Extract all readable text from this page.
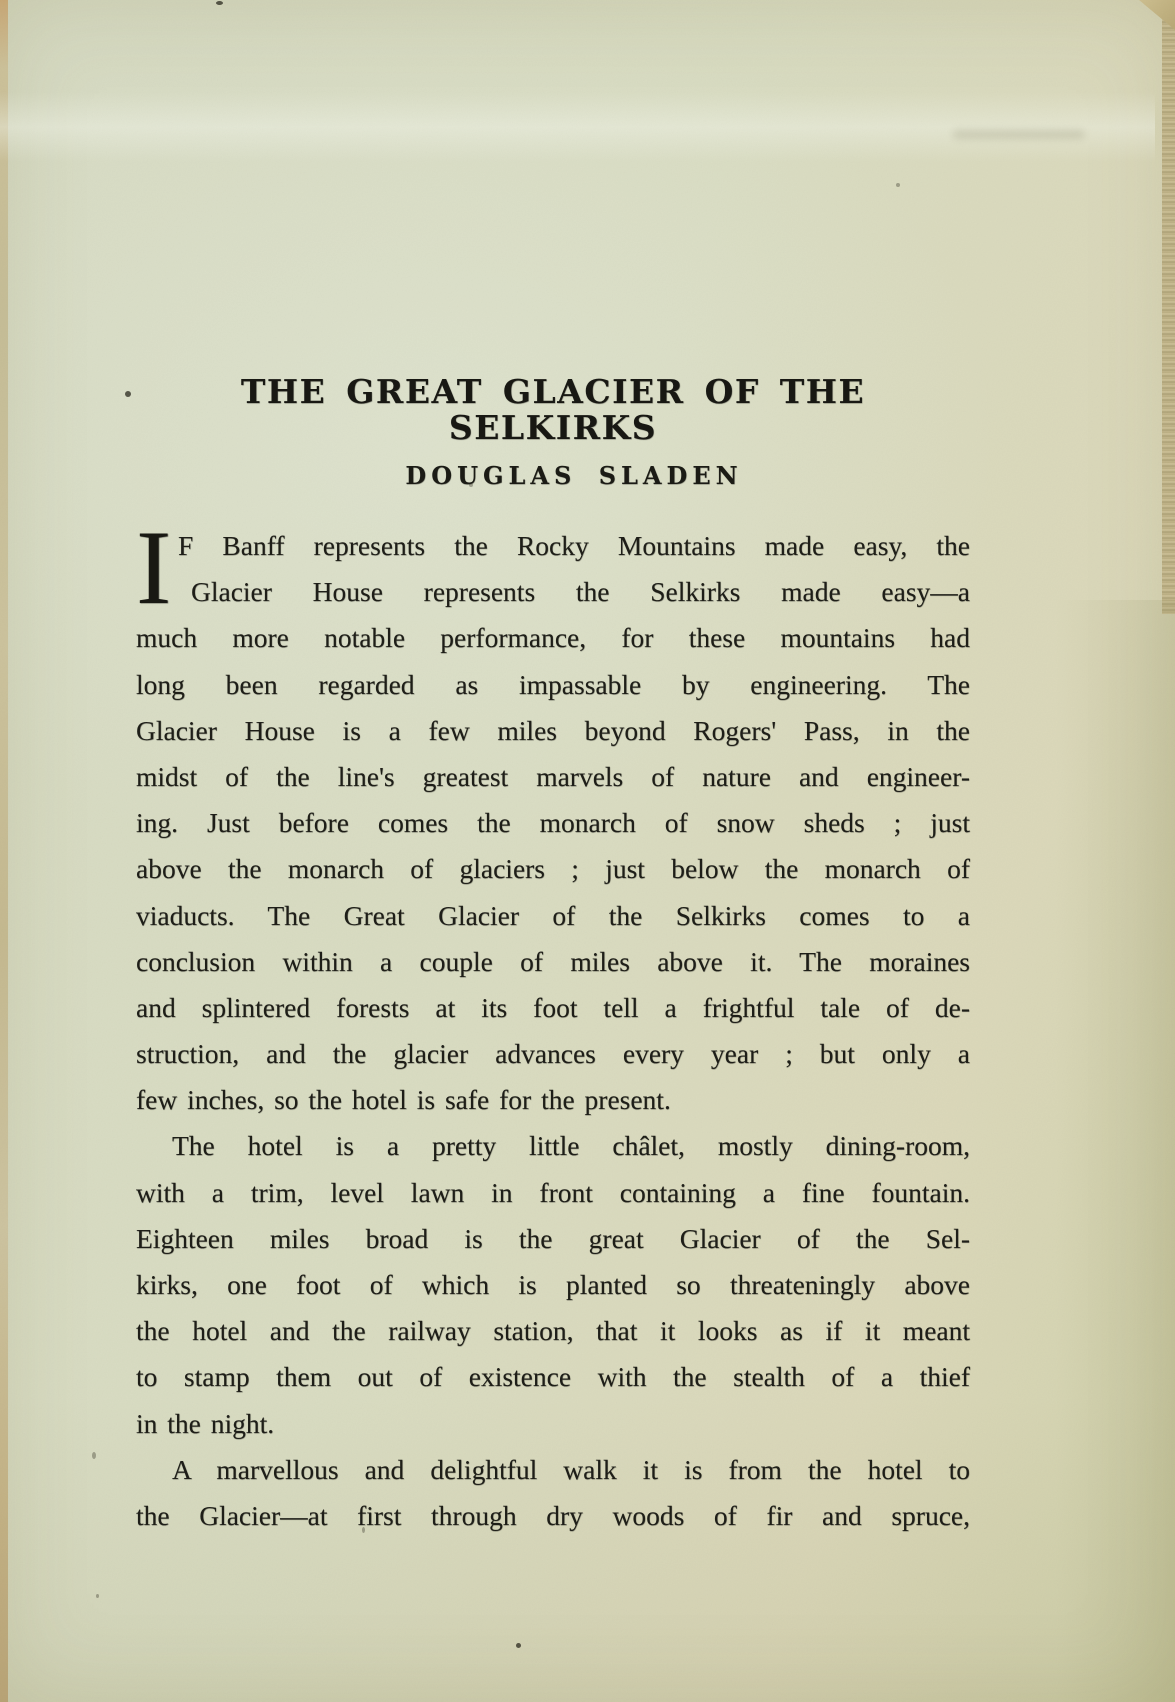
THE GREAT GLACIER OF THE SELKIRKS
DOUGLAS SLADEN
I F Banff represents the Rocky Mountains made easy, the
Glacier House represents the Selkirks made easy—a
much more notable performance, for these mountains had
long been regarded as impassable by engineering. The
Glacier House is a few miles beyond Rogers' Pass, in the
midst of the line's greatest marvels of nature and engineer-
ing. Just before comes the monarch of snow sheds ; just
above the monarch of glaciers ; just below the monarch of
viaducts. The Great Glacier of the Selkirks comes to a
conclusion within a couple of miles above it. The moraines
and splintered forests at its foot tell a frightful tale of de-
struction, and the glacier advances every year ; but only a
few inches, so the hotel is safe for the present.
The hotel is a pretty little châlet, mostly dining-room,
with a trim, level lawn in front containing a fine fountain.
Eighteen miles broad is the great Glacier of the Sel-
kirks, one foot of which is planted so threateningly above
the hotel and the railway station, that it looks as if it meant
to stamp them out of existence with the stealth of a thief
in the night.
A marvellous and delightful walk it is from the hotel to
the Glacier—at first through dry woods of fir and spruce,
